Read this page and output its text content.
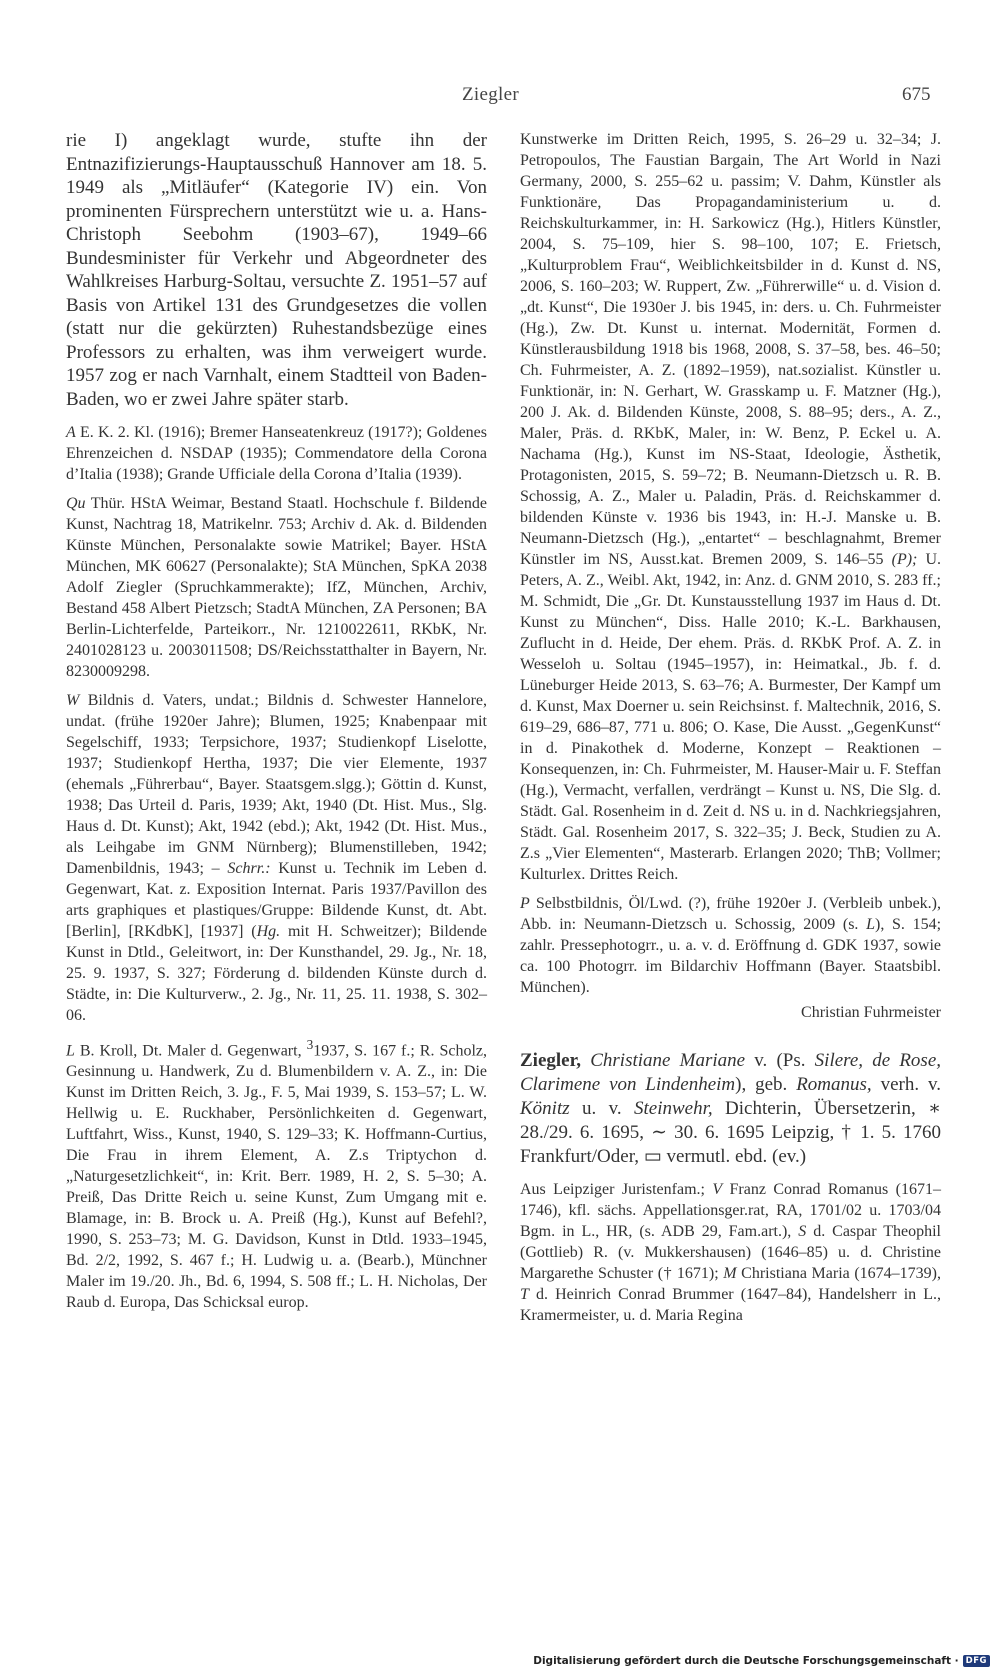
Ziegler	675

rie I) angeklagt wurde, stufte ihn der Entnazifizierungs-Hauptausschuß Hannover am 18. 5. 1949 als „Mitläufer“ (Kategorie IV) ein. Von prominenten Fürsprechern unterstützt wie u. a. Hans-Christoph Seebohm (1903–67), 1949–66 Bundesminister für Verkehr und Abgeordneter des Wahlkreises Harburg-Soltau, versuchte Z. 1951–57 auf Basis von Artikel 131 des Grundgesetzes die vollen (statt nur die gekürzten) Ruhestandsbezüge eines Professors zu erhalten, was ihm verweigert wurde. 1957 zog er nach Varnhalt, einem Stadtteil von Baden-Baden, wo er zwei Jahre später starb.

A E. K. 2. Kl. (1916); Bremer Hanseatenkreuz (1917?); Goldenes Ehrenzeichen d. NSDAP (1935); Commendatore della Corona d’Italia (1938); Grande Ufficiale della Corona d’Italia (1939).

Qu Thür. HStA Weimar, Bestand Staatl. Hochschule f. Bildende Kunst, Nachtrag 18, Matrikelnr. 753; Archiv d. Ak. d. Bildenden Künste München, Personalakte sowie Matrikel; Bayer. HStA München, MK 60627 (Personalakte); StA München, SpKA 2038 Adolf Ziegler (Spruchkammerakte); IfZ, München, Archiv, Bestand 458 Albert Pietzsch; StadtA München, ZA Personen; BA Berlin-Lichterfelde, Parteikorr., Nr. 1210022611, RKbK, Nr. 2401028123 u. 2003011508; DS/Reichsstatthalter in Bayern, Nr. 8230009298.

W Bildnis d. Vaters, undat.; Bildnis d. Schwester Hannelore, undat. (frühe 1920er Jahre); Blumen, 1925; Knabenpaar mit Segelschiff, 1933; Terpsichore, 1937; Studienkopf Liselotte, 1937; Studienkopf Hertha, 1937; Die vier Elemente, 1937 (ehemals „Führerbau“, Bayer. Staatsgem.slgg.); Göttin d. Kunst, 1938; Das Urteil d. Paris, 1939; Akt, 1940 (Dt. Hist. Mus., Slg. Haus d. Dt. Kunst); Akt, 1942 (ebd.); Akt, 1942 (Dt. Hist. Mus., als Leihgabe im GNM Nürnberg); Blumenstilleben, 1942; Damenbildnis, 1943; – Schrr.: Kunst u. Technik im Leben d. Gegenwart, Kat. z. Exposition Internat. Paris 1937/Pavillon des arts graphiques et plastiques/Gruppe: Bildende Kunst, dt. Abt.[Berlin], [RKdbK], [1937] (Hg. mit H. Schweitzer); Bildende Kunst in Dtld., Geleitwort, in: Der Kunsthandel, 29. Jg., Nr. 18, 25. 9. 1937, S. 327; Förderung d. bildenden Künste durch d. Städte, in: Die Kulturverw., 2. Jg., Nr. 11, 25. 11. 1938, S. 302–06.

L B. Kroll, Dt. Maler d. Gegenwart, $^3$1937, S. 167 f.; R. Scholz, Gesinnung u. Handwerk, Zu d. Blumenbildern v. A. Z., in: Die Kunst im Dritten Reich, 3. Jg., F. 5, Mai 1939, S. 153–57; L. W. Hellwig u. E. Ruckhaber, Persönlichkeiten d. Gegenwart, Luftfahrt, Wiss., Kunst, 1940, S. 129–33; K. Hoffmann-Curtius, Die Frau in ihrem Element, A. Z.s Triptychon d. „Naturgesetzlichkeit“, in: Krit. Berr. 1989, H. 2, S. 5–30; A. Preiß, Das Dritte Reich u. seine Kunst, Zum Umgang mit e. Blamage, in: B. Brock u. A. Preiß (Hg.), Kunst auf Befehl?, 1990, S. 253–73; M. G. Davidson, Kunst in Dtld. 1933–1945, Bd. 2/2, 1992, S. 467 f.; H. Ludwig u. a. (Bearb.), Münchner Maler im 19./20. Jh., Bd. 6, 1994, S. 508 ff.; L. H. Nicholas, Der Raub d. Europa, Das Schicksal europ.

Kunstwerke im Dritten Reich, 1995, S. 26–29 u. 32–34; J. Petropoulos, The Faustian Bargain, The Art World in Nazi Germany, 2000, S. 255–62 u. passim; V. Dahm, Künstler als Funktionäre, Das Propagandaministerium u. d. Reichskulturkammer, in: H. Sarkowicz (Hg.), Hitlers Künstler, 2004, S. 75–109, hier S. 98–100, 107; E. Frietsch, „Kulturproblem Frau“, Weiblichkeitsbilder in d. Kunst d. NS, 2006, S. 160–203; W. Ruppert, Zw. „Führerwille“ u. d. Vision d. „dt. Kunst“, Die 1930er J. bis 1945, in: ders. u. Ch. Fuhrmeister (Hg.), Zw. Dt. Kunst u. internat. Modernität, Formen d. Künstlerausbildung 1918 bis 1968, 2008, S. 37–58, bes. 46–50; Ch. Fuhrmeister, A. Z. (1892–1959), nat.sozialist. Künstler u. Funktionär, in: N. Gerhart, W. Grasskamp u. F. Matzner (Hg.), 200 J. Ak. d. Bildenden Künste, 2008, S. 88–95; ders., A. Z., Maler, Präs. d. RKbK, Maler, in: W. Benz, P. Eckel u. A. Nachama (Hg.), Kunst im NS-Staat, Ideologie, Ästhetik, Protagonisten, 2015, S. 59–72; B. Neumann-Dietzsch u. R. B. Schossig, A. Z., Maler u. Paladin, Präs. d. Reichskammer d. bildenden Künste v. 1936 bis 1943, in: H.-J. Manske u. B. Neumann-Dietzsch (Hg.), „entartet“ – beschlagnahmt, Bremer Künstler im NS, Ausst.kat. Bremen 2009, S. 146–55 (P); U. Peters, A. Z., Weibl. Akt, 1942, in: Anz. d. GNM 2010, S. 283 ff.; M. Schmidt, Die „Gr. Dt. Kunstausstellung 1937 im Haus d. Dt. Kunst zu München“, Diss. Halle 2010; K.-L. Barkhausen, Zuflucht in d. Heide, Der ehem. Präs. d. RKbK Prof. A. Z. in Wesseloh u. Soltau (1945–1957), in: Heimatkal., Jb. f. d. Lüneburger Heide 2013, S. 63–76; A. Burmester, Der Kampf um d. Kunst, Max Doerner u. sein Reichsinst. f. Maltechnik, 2016, S. 619–29, 686–87, 771 u. 806; O. Kase, Die Ausst. „GegenKunst“ in d. Pinakothek d. Moderne, Konzept – Reaktionen – Konsequenzen, in: Ch. Fuhrmeister, M. Hauser-Mair u. F. Steffan (Hg.), Vermacht, verfallen, verdrängt – Kunst u. NS, Die Slg. d. Städt. Gal. Rosenheim in d. Zeit d. NS u. in d. Nachkriegsjahren, Städt. Gal. Rosenheim 2017, S. 322–35; J. Beck, Studien zu A. Z.s „Vier Elementen“, Masterarb. Erlangen 2020; ThB; Vollmer; Kulturlex. Drittes Reich.

P Selbstbildnis, Öl/Lwd. (?), frühe 1920er J. (Verbleib unbek.), Abb. in: Neumann-Dietzsch u. Schossig, 2009 (s. L), S. 154; zahlr. Pressephotogrr., u. a. v. d. Eröffnung d. GDK 1937, sowie ca. 100 Photogrr. im Bildarchiv Hoffmann (Bayer. Staatsbibl. München).

Christian Fuhrmeister

Ziegler, Christiane Mariane v. (Ps. Silere, de Rose, Clarimene von Lindenheim), geb. Romanus, verh. v. Könitz u. v. Steinwehr, Dichterin, Übersetzerin, ∗ 28./29. 6. 1695, ∼ 30. 6. 1695 Leipzig, † 1. 5. 1760 Frankfurt/Oder, ▭ vermutl. ebd. (ev.)

Aus Leipziger Juristenfam.; V Franz Conrad Romanus (1671–1746), kfl. sächs. Appellationsger.rat, RA, 1701/02 u. 1703/04 Bgm. in L., HR, (s. ADB 29, Fam.art.), S d. Caspar Theophil (Gottlieb) R. (v. Mukkershausen) (1646–85) u. d. Christine Margarethe Schuster († 1671); M Christiana Maria (1674–1739), T d. Heinrich Conrad Brummer (1647–84), Handelsherr in L., Kramermeister, u. d. Maria Regina

Digitalisierung gefördert durch die Deutsche Forschungsgemeinschaft · DFG
